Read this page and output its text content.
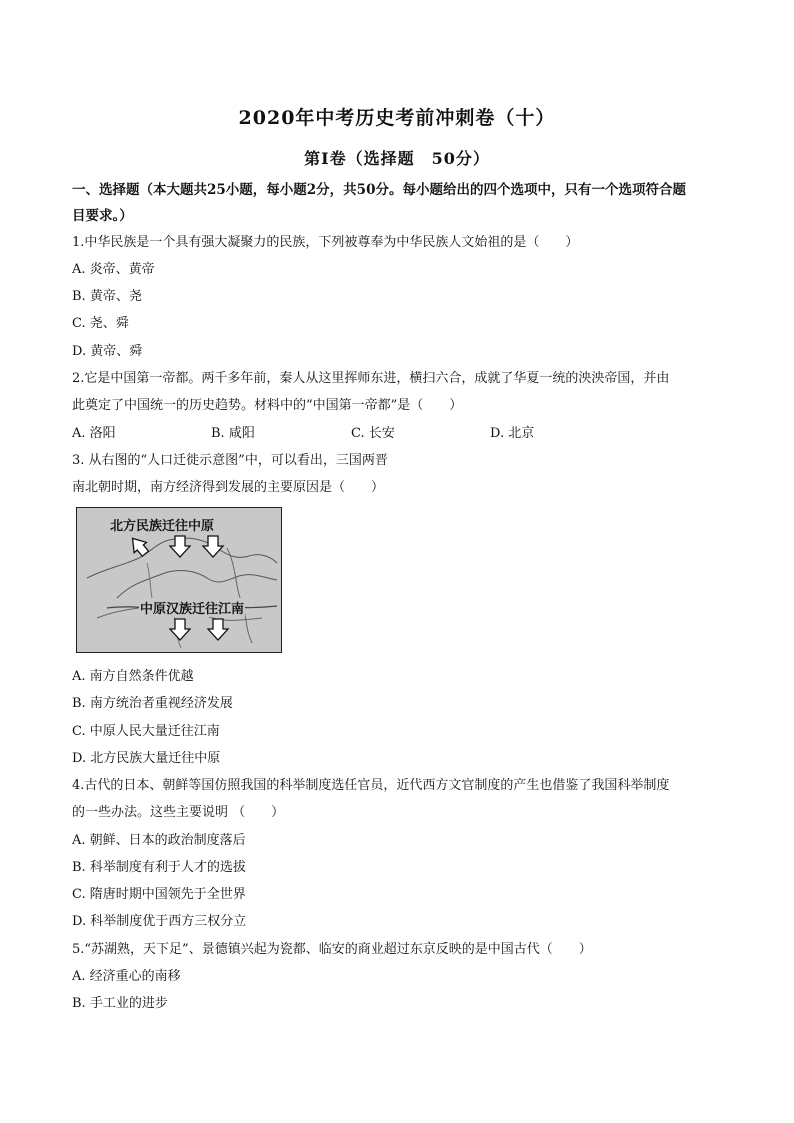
2020年中考历史考前冲刺卷（十）
第Ⅰ卷（选择题　50分）
一、选择题（本大题共25小题，每小题2分，共50分。每小题给出的四个选项中，只有一个选项符合题
目要求。）
1.中华民族是一个具有强大凝聚力的民族，下列被尊奉为中华民族人文始祖的是（　　）
A. 炎帝、黄帝
B. 黄帝、尧
C. 尧、舜
D. 黄帝、舜
2.它是中国第一帝都。两千多年前，秦人从这里挥师东进，横扫六合，成就了华夏一统的泱泱帝国，并由
此奠定了中国统一的历史趋势。材料中的“中国第一帝都”是（　　）
A. 洛阳	B. 咸阳	C. 长安	D. 北京
3. 从右图的“人口迁徙示意图”中，可以看出，三国两晋
南北朝时期，南方经济得到发展的主要原因是（　　）
北方民族迁往中原
中原汉族迁往江南
A. 南方自然条件优越
B. 南方统治者重视经济发展
C. 中原人民大量迁往江南
D. 北方民族大量迁往中原
4.古代的日本、朝鲜等国仿照我国的科举制度选任官员，近代西方文官制度的产生也借鉴了我国科举制度
的一些办法。这些主要说明 （　　）
A. 朝鲜、日本的政治制度落后
B. 科举制度有利于人才的选拔
C. 隋唐时期中国领先于全世界
D. 科举制度优于西方三权分立
5.“苏湖熟，天下足”、景德镇兴起为瓷都、临安的商业超过东京反映的是中国古代（　　）
A. 经济重心的南移
B. 手工业的进步
